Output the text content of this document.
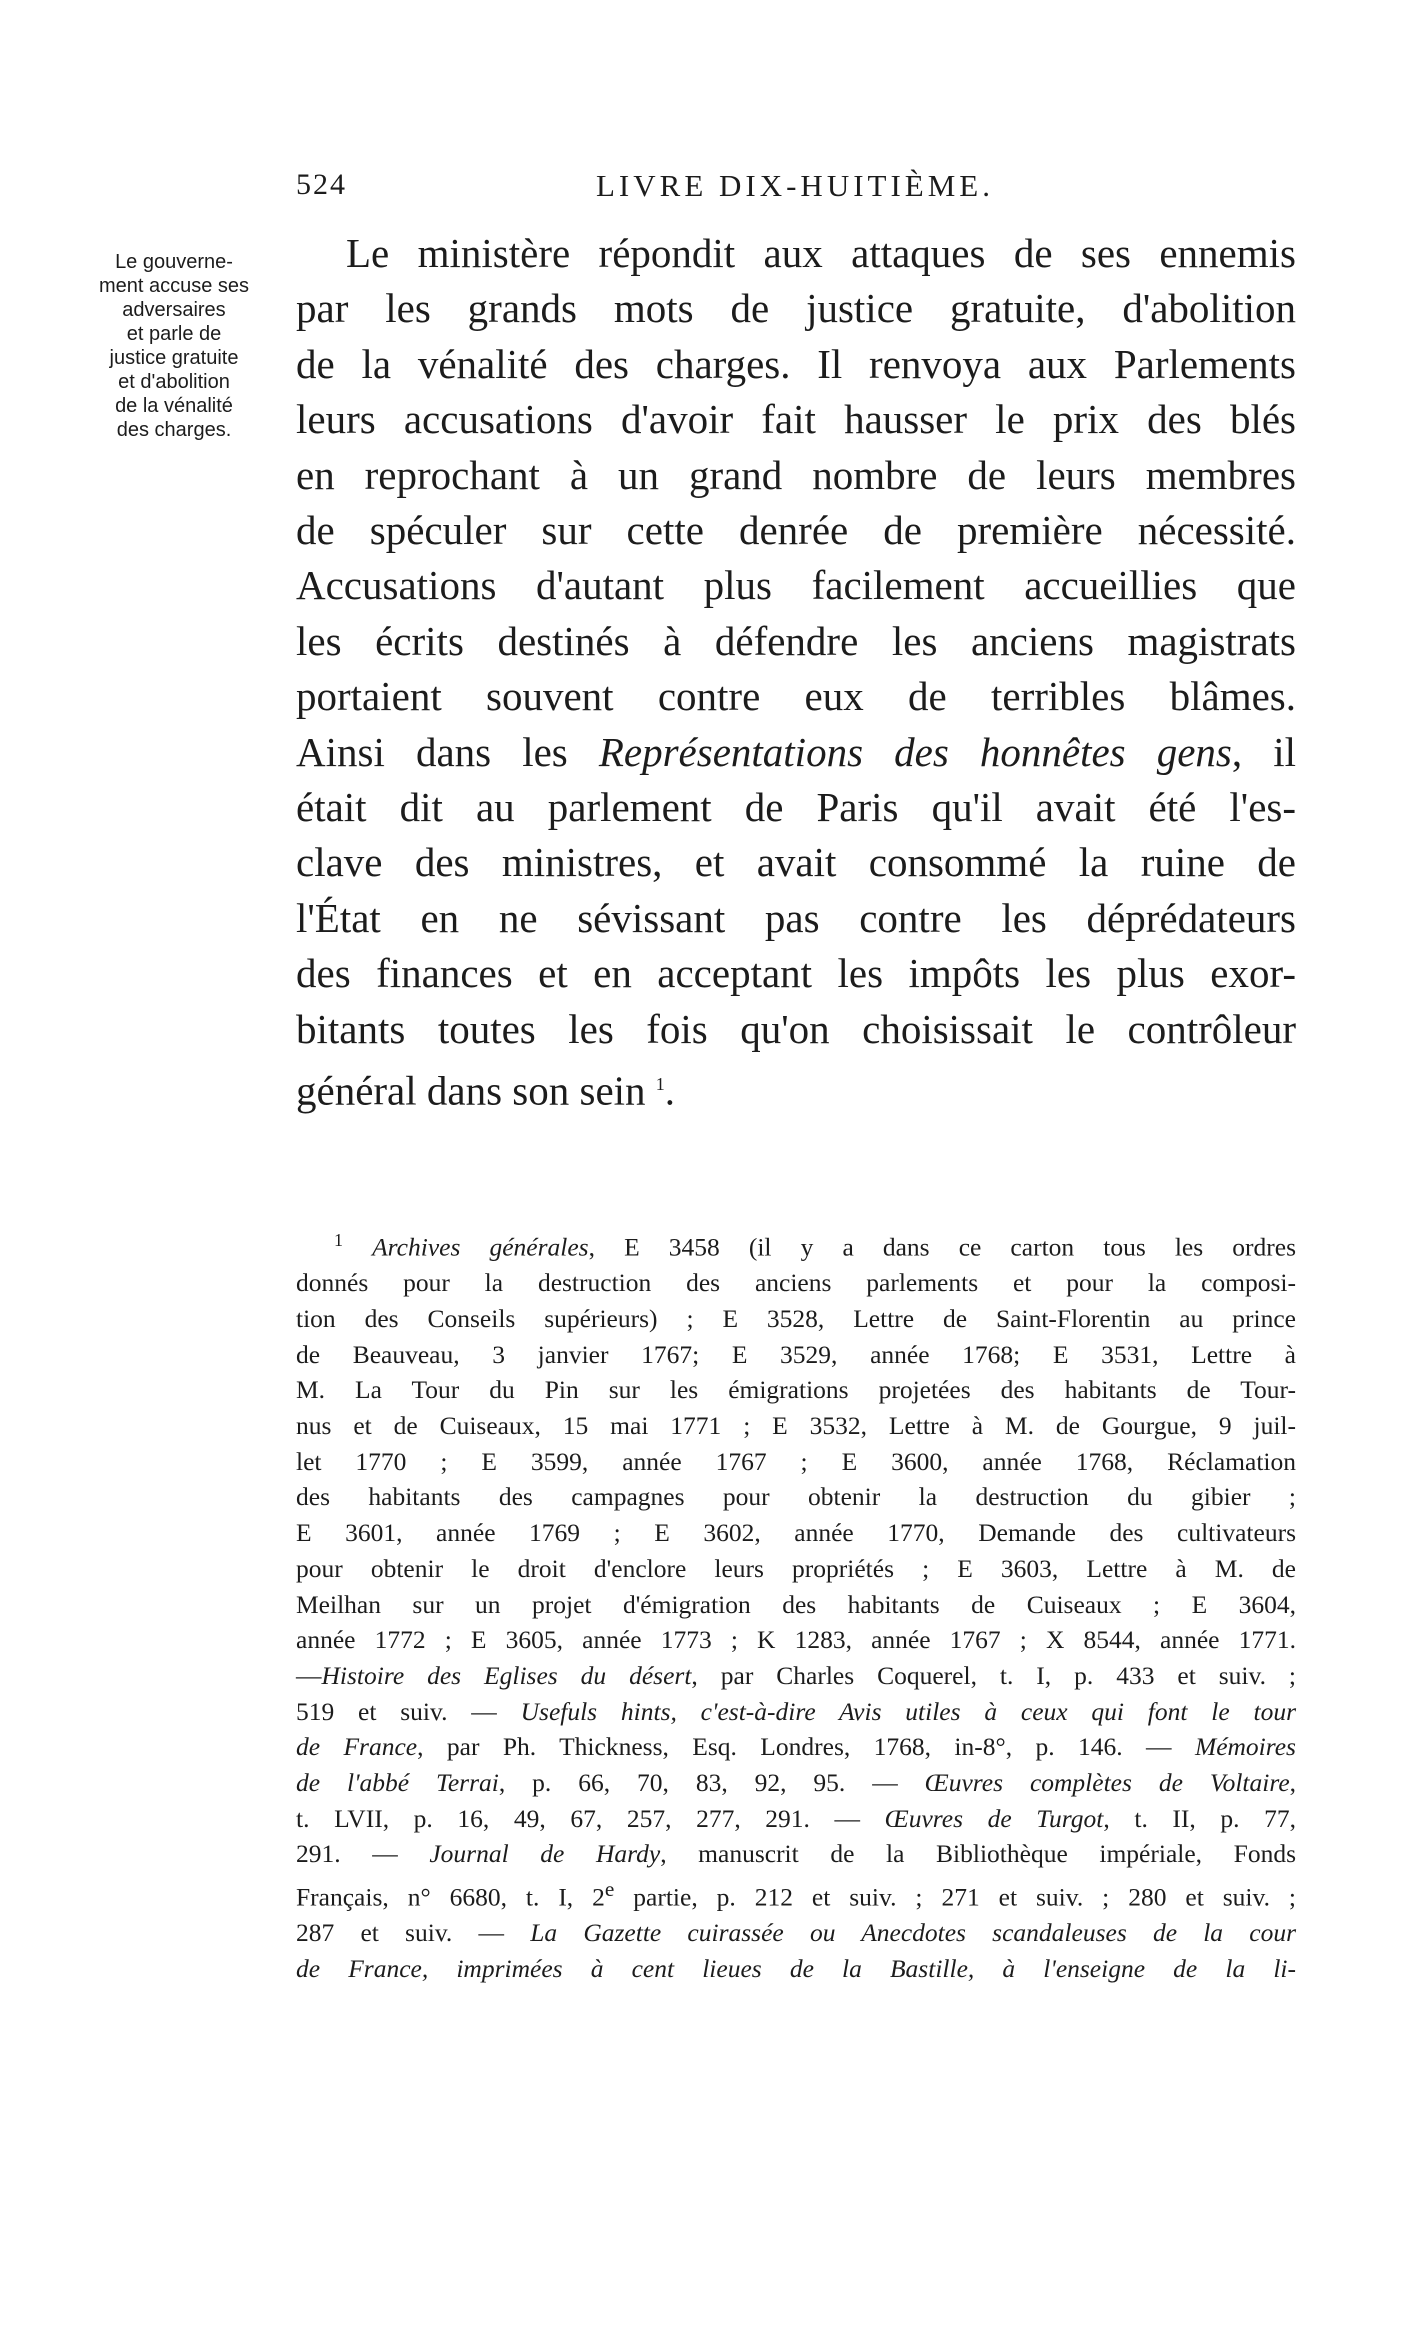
524	LIVRE DIX-HUITIÈME.
Le gouverne-
ment accuse ses
adversaires
et parle de
justice gratuite
et d'abolition
de la vénalité
des charges.
Le ministère répondit aux attaques de ses ennemis
par les grands mots de justice gratuite, d'abolition
de la vénalité des charges. Il renvoya aux Parlements
leurs accusations d'avoir fait hausser le prix des blés
en reprochant à un grand nombre de leurs membres
de spéculer sur cette denrée de première nécessité.
Accusations d'autant plus facilement accueillies que
les écrits destinés à défendre les anciens magistrats
portaient souvent contre eux de terribles blâmes.
Ainsi dans les Représentations des honnêtes gens, il
était dit au parlement de Paris qu'il avait été l'es-
clave des ministres, et avait consommé la ruine de
l'État en ne sévissant pas contre les déprédateurs
des finances et en acceptant les impôts les plus exor-
bitants toutes les fois qu'on choisissait le contrôleur
général dans son sein $^1$.
$^1$ Archives générales, E 3458 (il y a dans ce carton tous les ordres
donnés pour la destruction des anciens parlements et pour la composi-
tion des Conseils supérieurs) ; E 3528, Lettre de Saint-Florentin au prince
de Beauveau, 3 janvier 1767; E 3529, année 1768; E 3531, Lettre à
M. La Tour du Pin sur les émigrations projetées des habitants de Tour-
nus et de Cuiseaux, 15 mai 1771 ; E 3532, Lettre à M. de Gourgue, 9 juil-
let 1770 ; E 3599, année 1767 ; E 3600, année 1768, Réclamation
des habitants des campagnes pour obtenir la destruction du gibier ;
E 3601, année 1769 ; E 3602, année 1770, Demande des cultivateurs
pour obtenir le droit d'enclore leurs propriétés ; E 3603, Lettre à M. de
Meilhan sur un projet d'émigration des habitants de Cuiseaux ; E 3604,
année 1772 ; E 3605, année 1773 ; K 1283, année 1767 ; X 8544, année 1771.
—Histoire des Eglises du désert, par Charles Coquerel, t. I, p. 433 et suiv. ;
519 et suiv. — Usefuls hints, c'est-à-dire Avis utiles à ceux qui font le tour
de France, par Ph. Thickness, Esq. Londres, 1768, in-8°, p. 146. — Mémoires
de l'abbé Terrai, p. 66, 70, 83, 92, 95. — Œuvres complètes de Voltaire,
t. LVII, p. 16, 49, 67, 257, 277, 291. — Œuvres de Turgot, t. II, p. 77,
291. — Journal de Hardy, manuscrit de la Bibliothèque impériale, Fonds
Français, n° 6680, t. I, 2e partie, p. 212 et suiv. ; 271 et suiv. ; 280 et suiv. ;
287 et suiv. — La Gazette cuirassée ou Anecdotes scandaleuses de la cour
de France, imprimées à cent lieues de la Bastille, à l'enseigne de la li-
